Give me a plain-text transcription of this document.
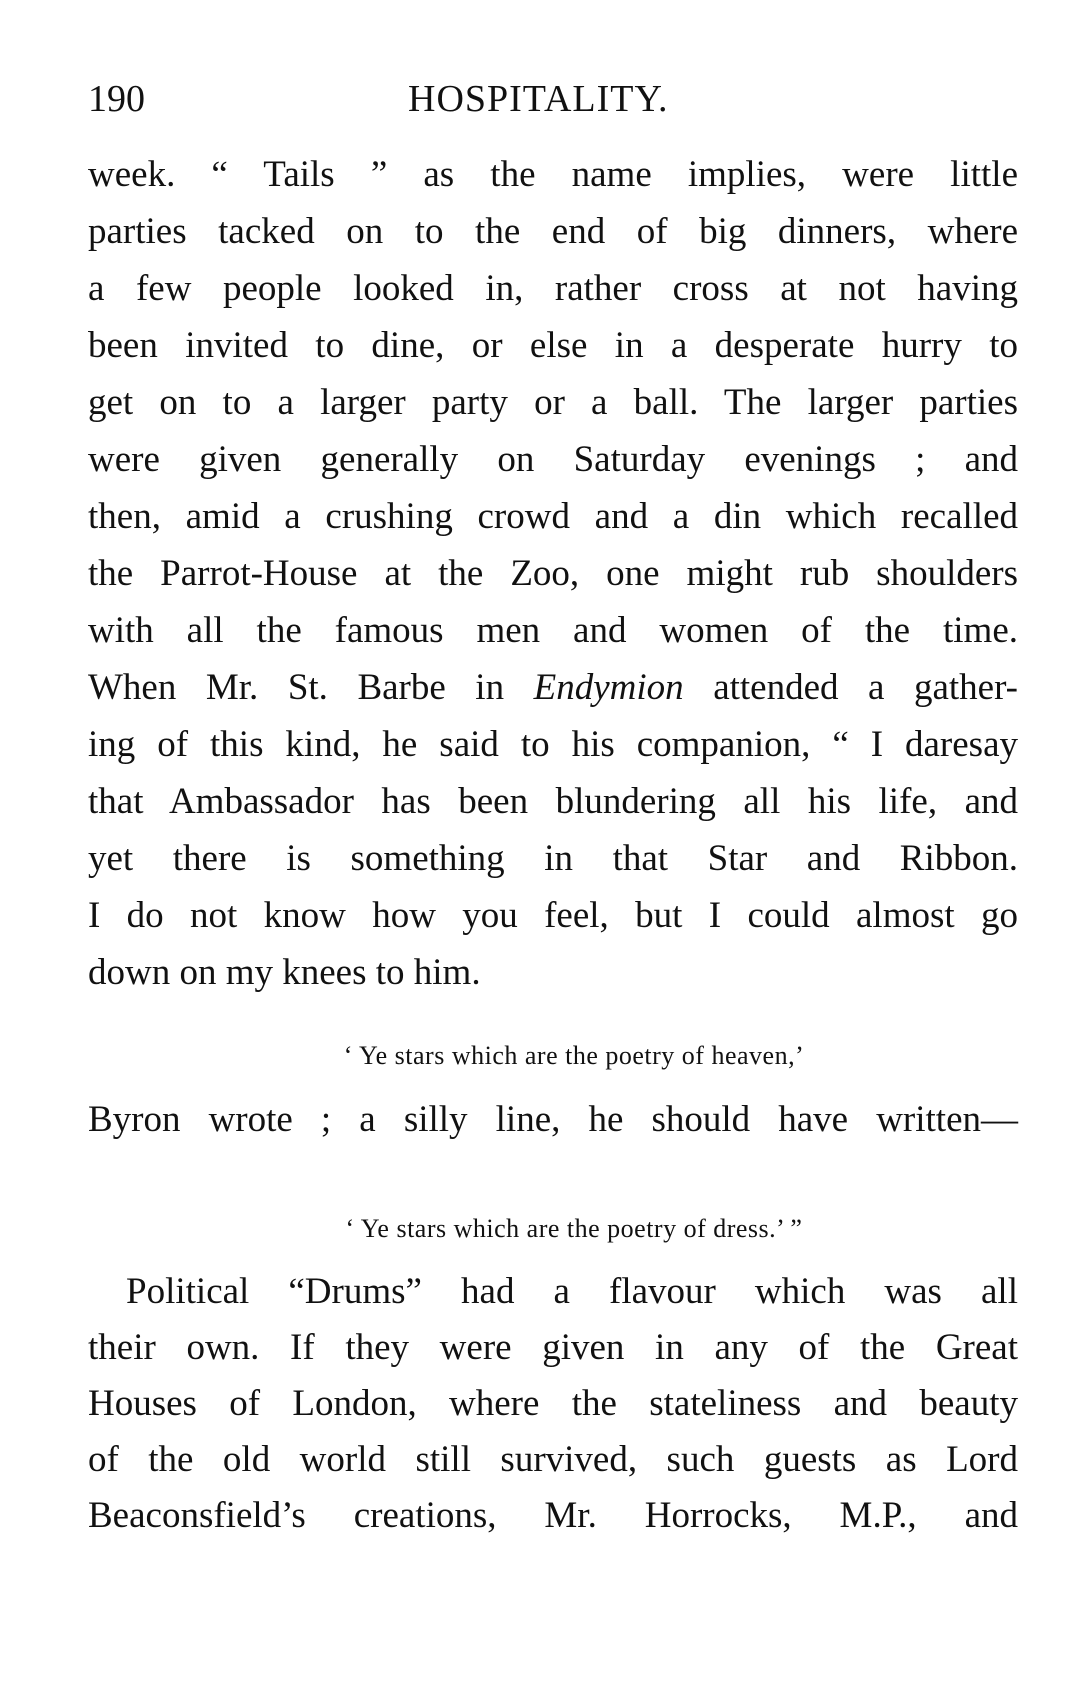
190	HOSPITALITY.
week. “ Tails ” as the name implies, were little
parties tacked on to the end of big dinners, where
a few people looked in, rather cross at not having
been invited to dine, or else in a desperate hurry to
get on to a larger party or a ball. The larger parties
were given generally on Saturday evenings ; and
then, amid a crushing crowd and a din which recalled
the Parrot-House at the Zoo, one might rub shoulders
with all the famous men and women of the time.
When Mr. St. Barbe in Endymion attended a gather-
ing of this kind, he said to his companion, “ I daresay
that Ambassador has been blundering all his life, and
yet there is something in that Star and Ribbon.
I do not know how you feel, but I could almost go
down on my knees to him.
‘ Ye stars which are the poetry of heaven,’
Byron wrote ; a silly line, he should have written—
‘ Ye stars which are the poetry of dress.’ ”
Political “Drums” had a flavour which was all
their own. If they were given in any of the Great
Houses of London, where the stateliness and beauty
of the old world still survived, such guests as Lord
Beaconsfield’s creations, Mr. Horrocks, M.P., and
